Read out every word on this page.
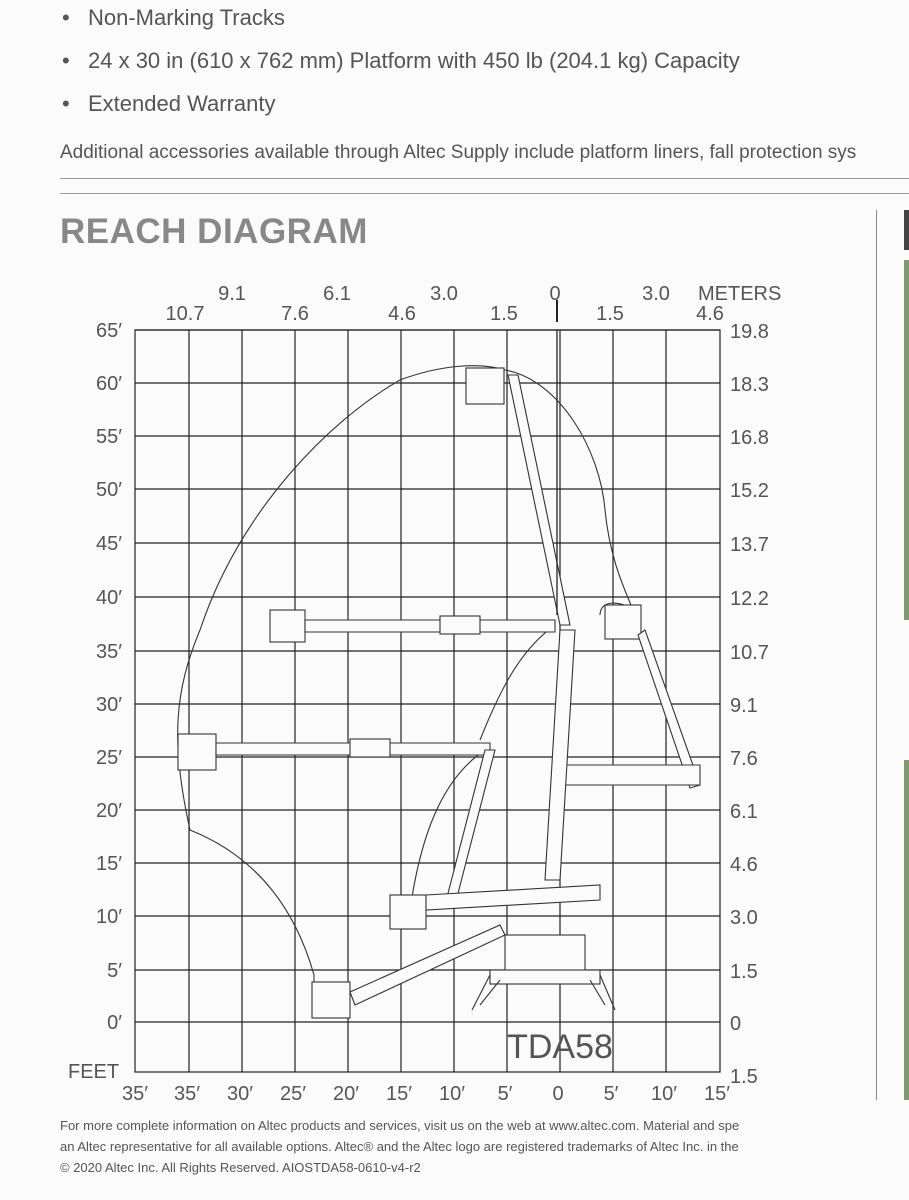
• Non-Marking Tracks
• 24 x 30 in (610 x 762 mm) Platform with 450 lb (204.1 kg) Capacity
• Extended Warranty
Additional accessories available through Altec Supply include platform liners, fall protection sys
REACH DIAGRAM
TDA58
9.1	6.1	3.0	0	3.0 METERS
10.7	7.6	4.6	1.5	1.5	4.6
65′
60′
55′
50′
45′
40′
35′
30′
25′
20′
15′
10′
5′
0′
19.8
18.3
16.8
15.2
13.7
12.2
10.7
9.1
7.6
6.1
4.6
3.0
1.5
0
1.5
FEET
35′ 35′ 30′ 25′ 20′ 15′ 10′ 5′ 0 5′ 10′ 15′
For more complete information on Altec products and services, visit us on the web at www.altec.com. Material and spe
an Altec representative for all available options. Altec® and the Altec logo are registered trademarks of Altec Inc. in the
© 2020 Altec Inc. All Rights Reserved. AIOSTDA58-0610-v4-r2
